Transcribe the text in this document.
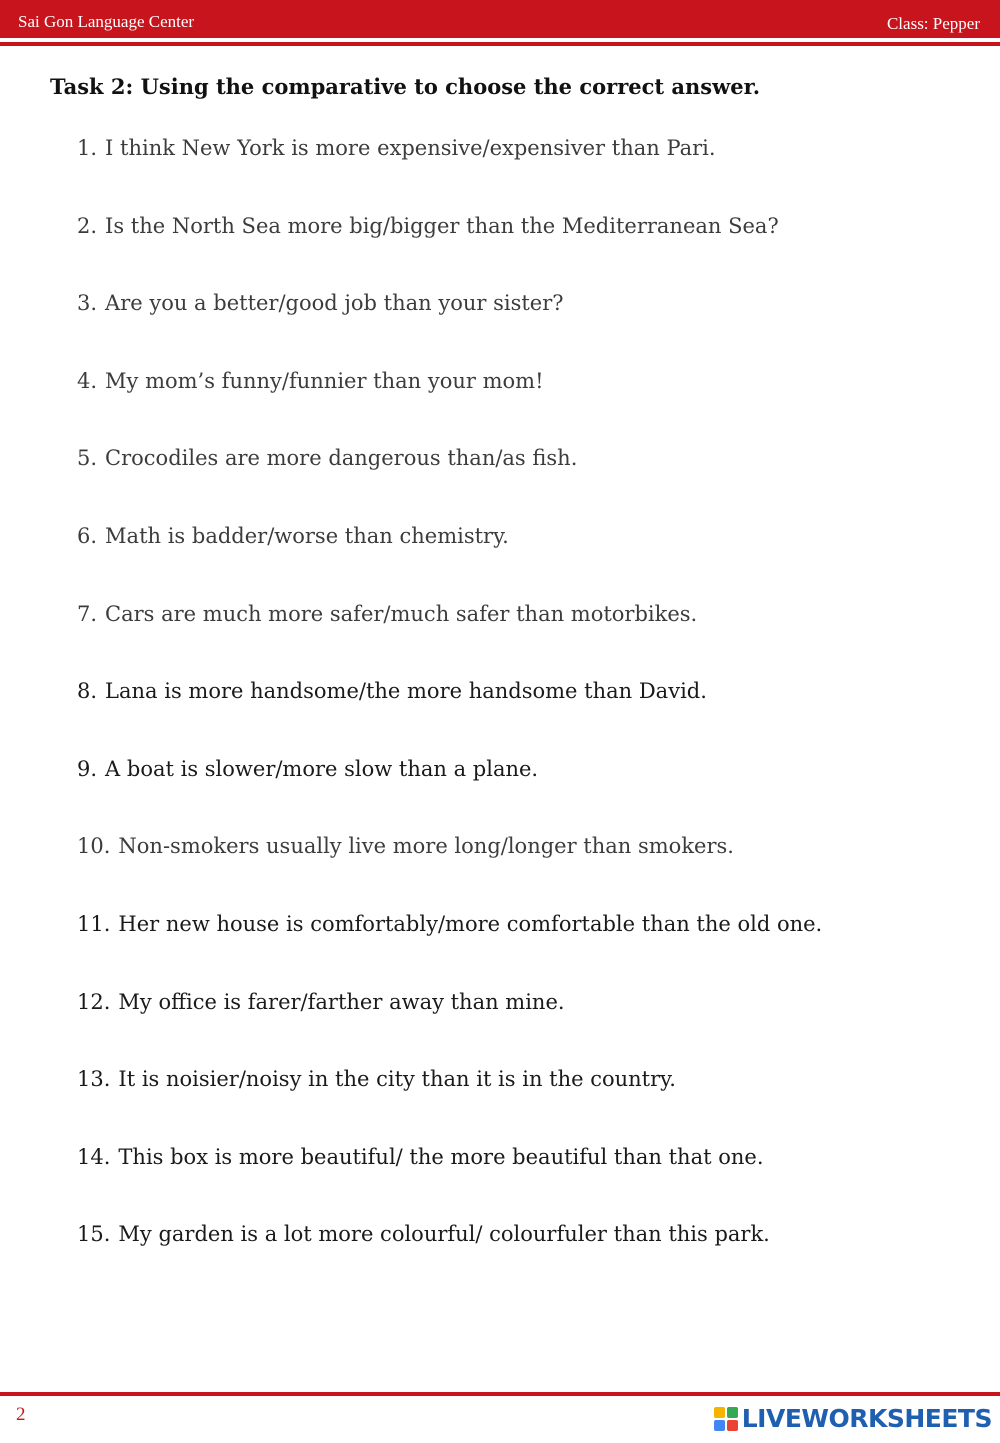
Sai Gon Language Center	Class: Pepper
Task 2: Using the comparative to choose the correct answer.
1. I think New York is more expensive/expensiver than Pari.
2. Is the North Sea more big/bigger than the Mediterranean Sea?
3. Are you a better/good job than your sister?
4. My mom’s funny/funnier than your mom!
5. Crocodiles are more dangerous than/as fish.
6. Math is badder/worse than chemistry.
7. Cars are much more safer/much safer than motorbikes.
8. Lana is more handsome/the more handsome than David.
9. A boat is slower/more slow than a plane.
10. Non-smokers usually live more long/longer than smokers.
11. Her new house is comfortably/more comfortable than the old one.
12. My office is farer/farther away than mine.
13. It is noisier/noisy in the city than it is in the country.
14. This box is more beautiful/ the more beautiful than that one.
15. My garden is a lot more colourful/ colourfuler than this park.
2	LIVEWORKSHEETS
